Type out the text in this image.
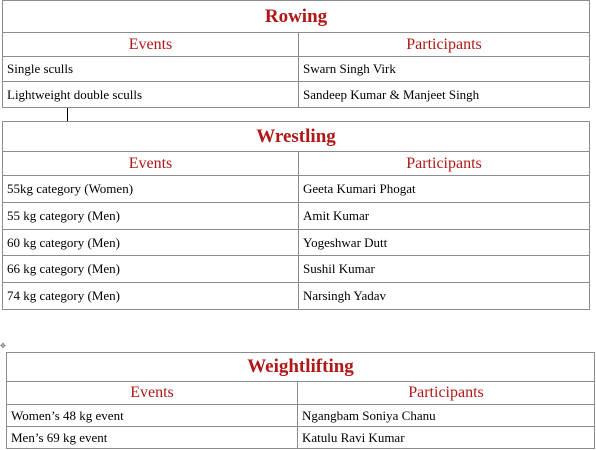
Rowing	
Events	Participants
Single sculls	Swarn Singh Virk
Lightweight double sculls	Sandeep Kumar & Manjeet Singh
Wrestling	
Events	Participants
55kg category (Women)	Geeta Kumari Phogat
55 kg category (Men)	Amit Kumar
60 kg category (Men)	Yogeshwar Dutt
66 kg category (Men)	Sushil Kumar
74 kg category (Men)	Narsingh Yadav
✥
Weightlifting	
Events	Participants
Women’s 48 kg event	Ngangbam Soniya Chanu
Men’s 69 kg event	Katulu Ravi Kumar
